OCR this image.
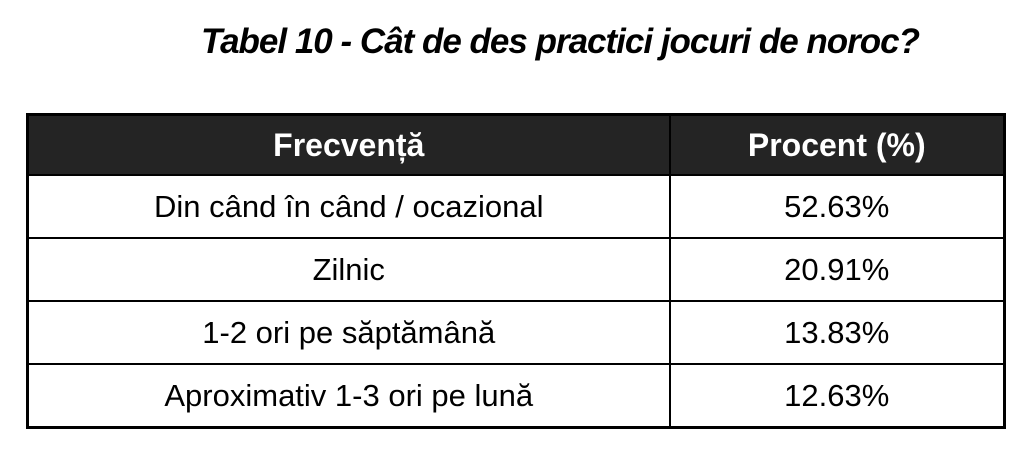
Tabel 10 - Cât de des practici jocuri de noroc?
Frecvență	Procent (%)
Din când în când / ocazional	52.63%
Zilnic	20.91%
1-2 ori pe săptămână	13.83%
Aproximativ 1-3 ori pe lună	12.63%
